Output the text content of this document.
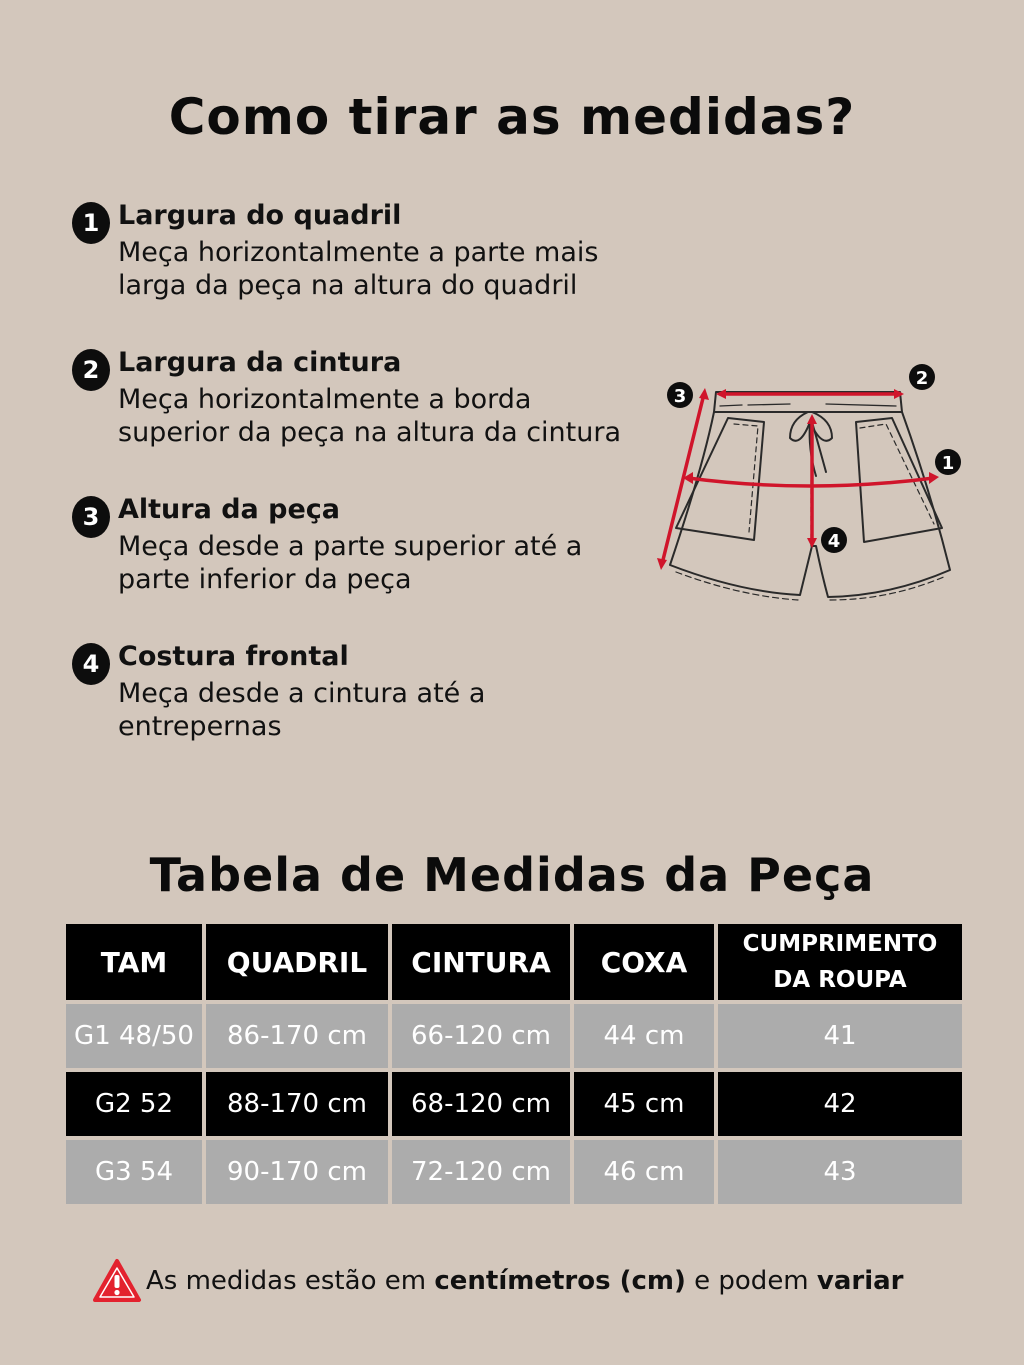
Como tirar as medidas?
1 Largura do quadril
Meça horizontalmente a parte mais
larga da peça na altura do quadril
2 Largura da cintura
Meça horizontalmente a borda
superior da peça na altura da cintura
3 Altura da peça
Meça desde a parte superior até a
parte inferior da peça
4 Costura frontal
Meça desde a cintura até a
entrepernas
3
2
1
4
Tabela de Medidas da Peça
TAM	QUADRIL	CINTURA	COXA	CUMPRIMENTO
DA ROUPA

G1 48/50	86-170 cm	66-120 cm	44 cm	41
G2 52	88-170 cm	68-120 cm	45 cm	42
G3 54	90-170 cm	72-120 cm	46 cm	43
As medidas estão em centímetros (cm) e podem variar
